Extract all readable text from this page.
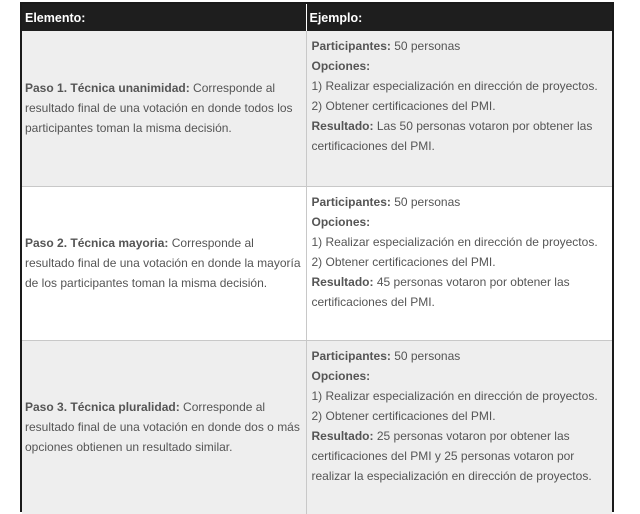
Elemento:	Ejemplo:
Paso 1. Técnica unanimidad: Corresponde al resultado final de una votación en donde todos los participantes toman la misma decisión.	Participantes: 50 personas
Opciones:
1) Realizar especialización en dirección de proyectos.
2) Obtener certificaciones del PMI.
Resultado: Las 50 personas votaron por obtener las certificaciones del PMI.

Paso 2. Técnica mayoria: Corresponde al resultado final de una votación en donde la mayoría de los participantes toman la misma decisión.	Participantes: 50 personas
Opciones:
1) Realizar especialización en dirección de proyectos.
2) Obtener certificaciones del PMI.
Resultado: 45 personas votaron por obtener las certificaciones del PMI.

Paso 3. Técnica pluralidad: Corresponde al resultado final de una votación en donde dos o más opciones obtienen un resultado similar.	Participantes: 50 personas
Opciones:
1) Realizar especialización en dirección de proyectos.
2) Obtener certificaciones del PMI.
Resultado: 25 personas votaron por obtener las certificaciones del PMI y 25 personas votaron por realizar la especialización en dirección de proyectos.
